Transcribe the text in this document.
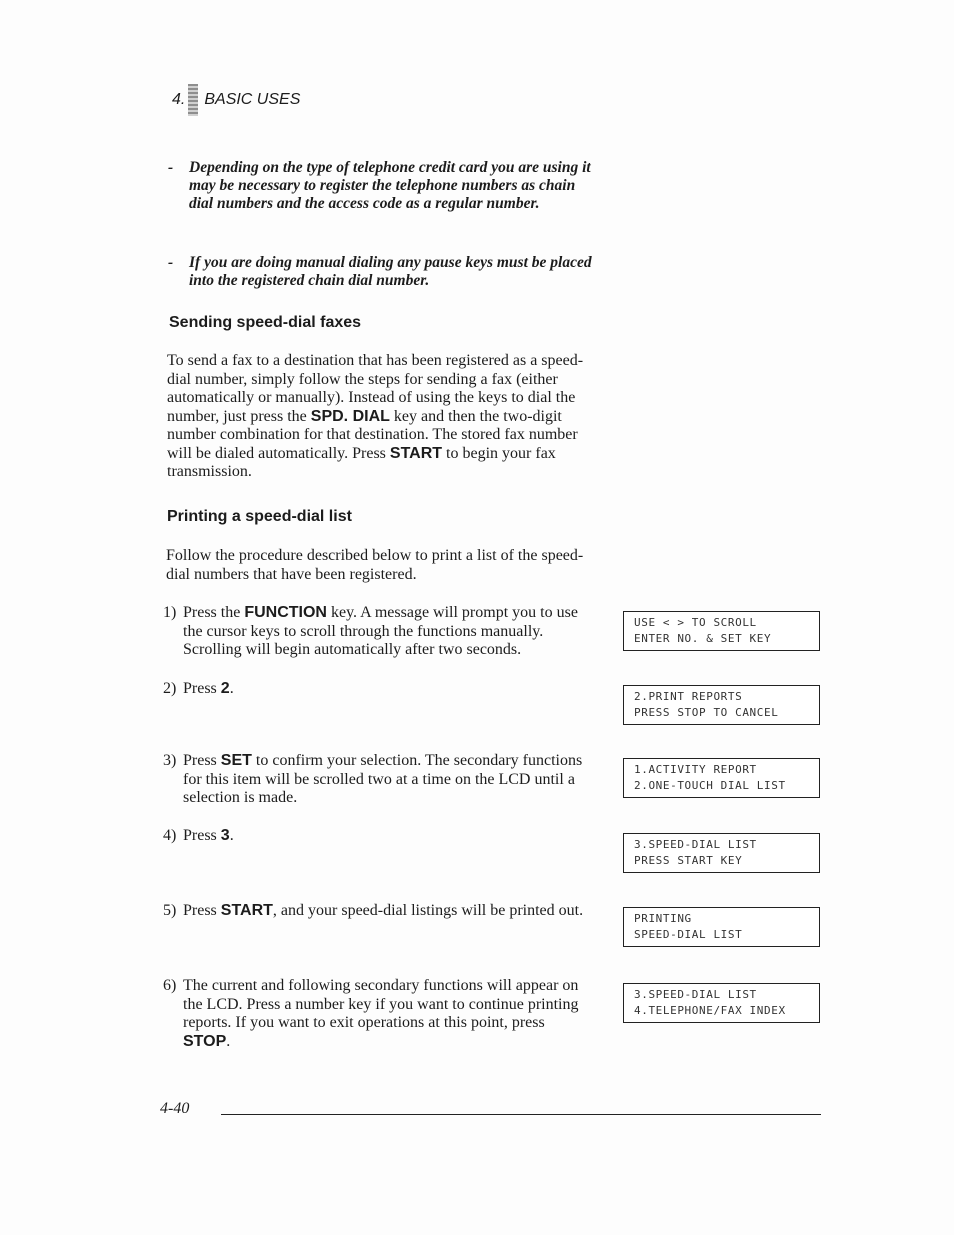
4. BASIC USES
- Depending on the type of telephone credit card you are using it may be necessary to register the telephone numbers as chain dial numbers and the access code as a regular number.
- If you are doing manual dialing any pause keys must be placed into the registered chain dial number.
Sending speed-dial faxes
To send a fax to a destination that has been registered as a speed-dial number, simply follow the steps for sending a fax (either automatically or manually). Instead of using the keys to dial the number, just press the SPD. DIAL key and then the two-digit number combination for that destination. The stored fax number will be dialed automatically. Press START to begin your fax transmission.
Printing a speed-dial list
Follow the procedure described below to print a list of the speed-dial numbers that have been registered.
1) Press the FUNCTION key. A message will prompt you to use the cursor keys to scroll through the functions manually. Scrolling will begin automatically after two seconds.
2) Press 2.
3) Press SET to confirm your selection. The secondary functions for this item will be scrolled two at a time on the LCD until a selection is made.
4) Press 3.
5) Press START, and your speed-dial listings will be printed out.
6) The current and following secondary functions will appear on the LCD. Press a number key if you want to continue printing reports. If you want to exit operations at this point, press STOP.
USE < > TO SCROLL
ENTER NO. & SET KEY
2.PRINT REPORTS
PRESS STOP TO CANCEL
1.ACTIVITY REPORT
2.ONE-TOUCH DIAL LIST
3.SPEED-DIAL LIST
PRESS START KEY
PRINTING
SPEED-DIAL LIST
3.SPEED-DIAL LIST
4.TELEPHONE/FAX INDEX
4-40
